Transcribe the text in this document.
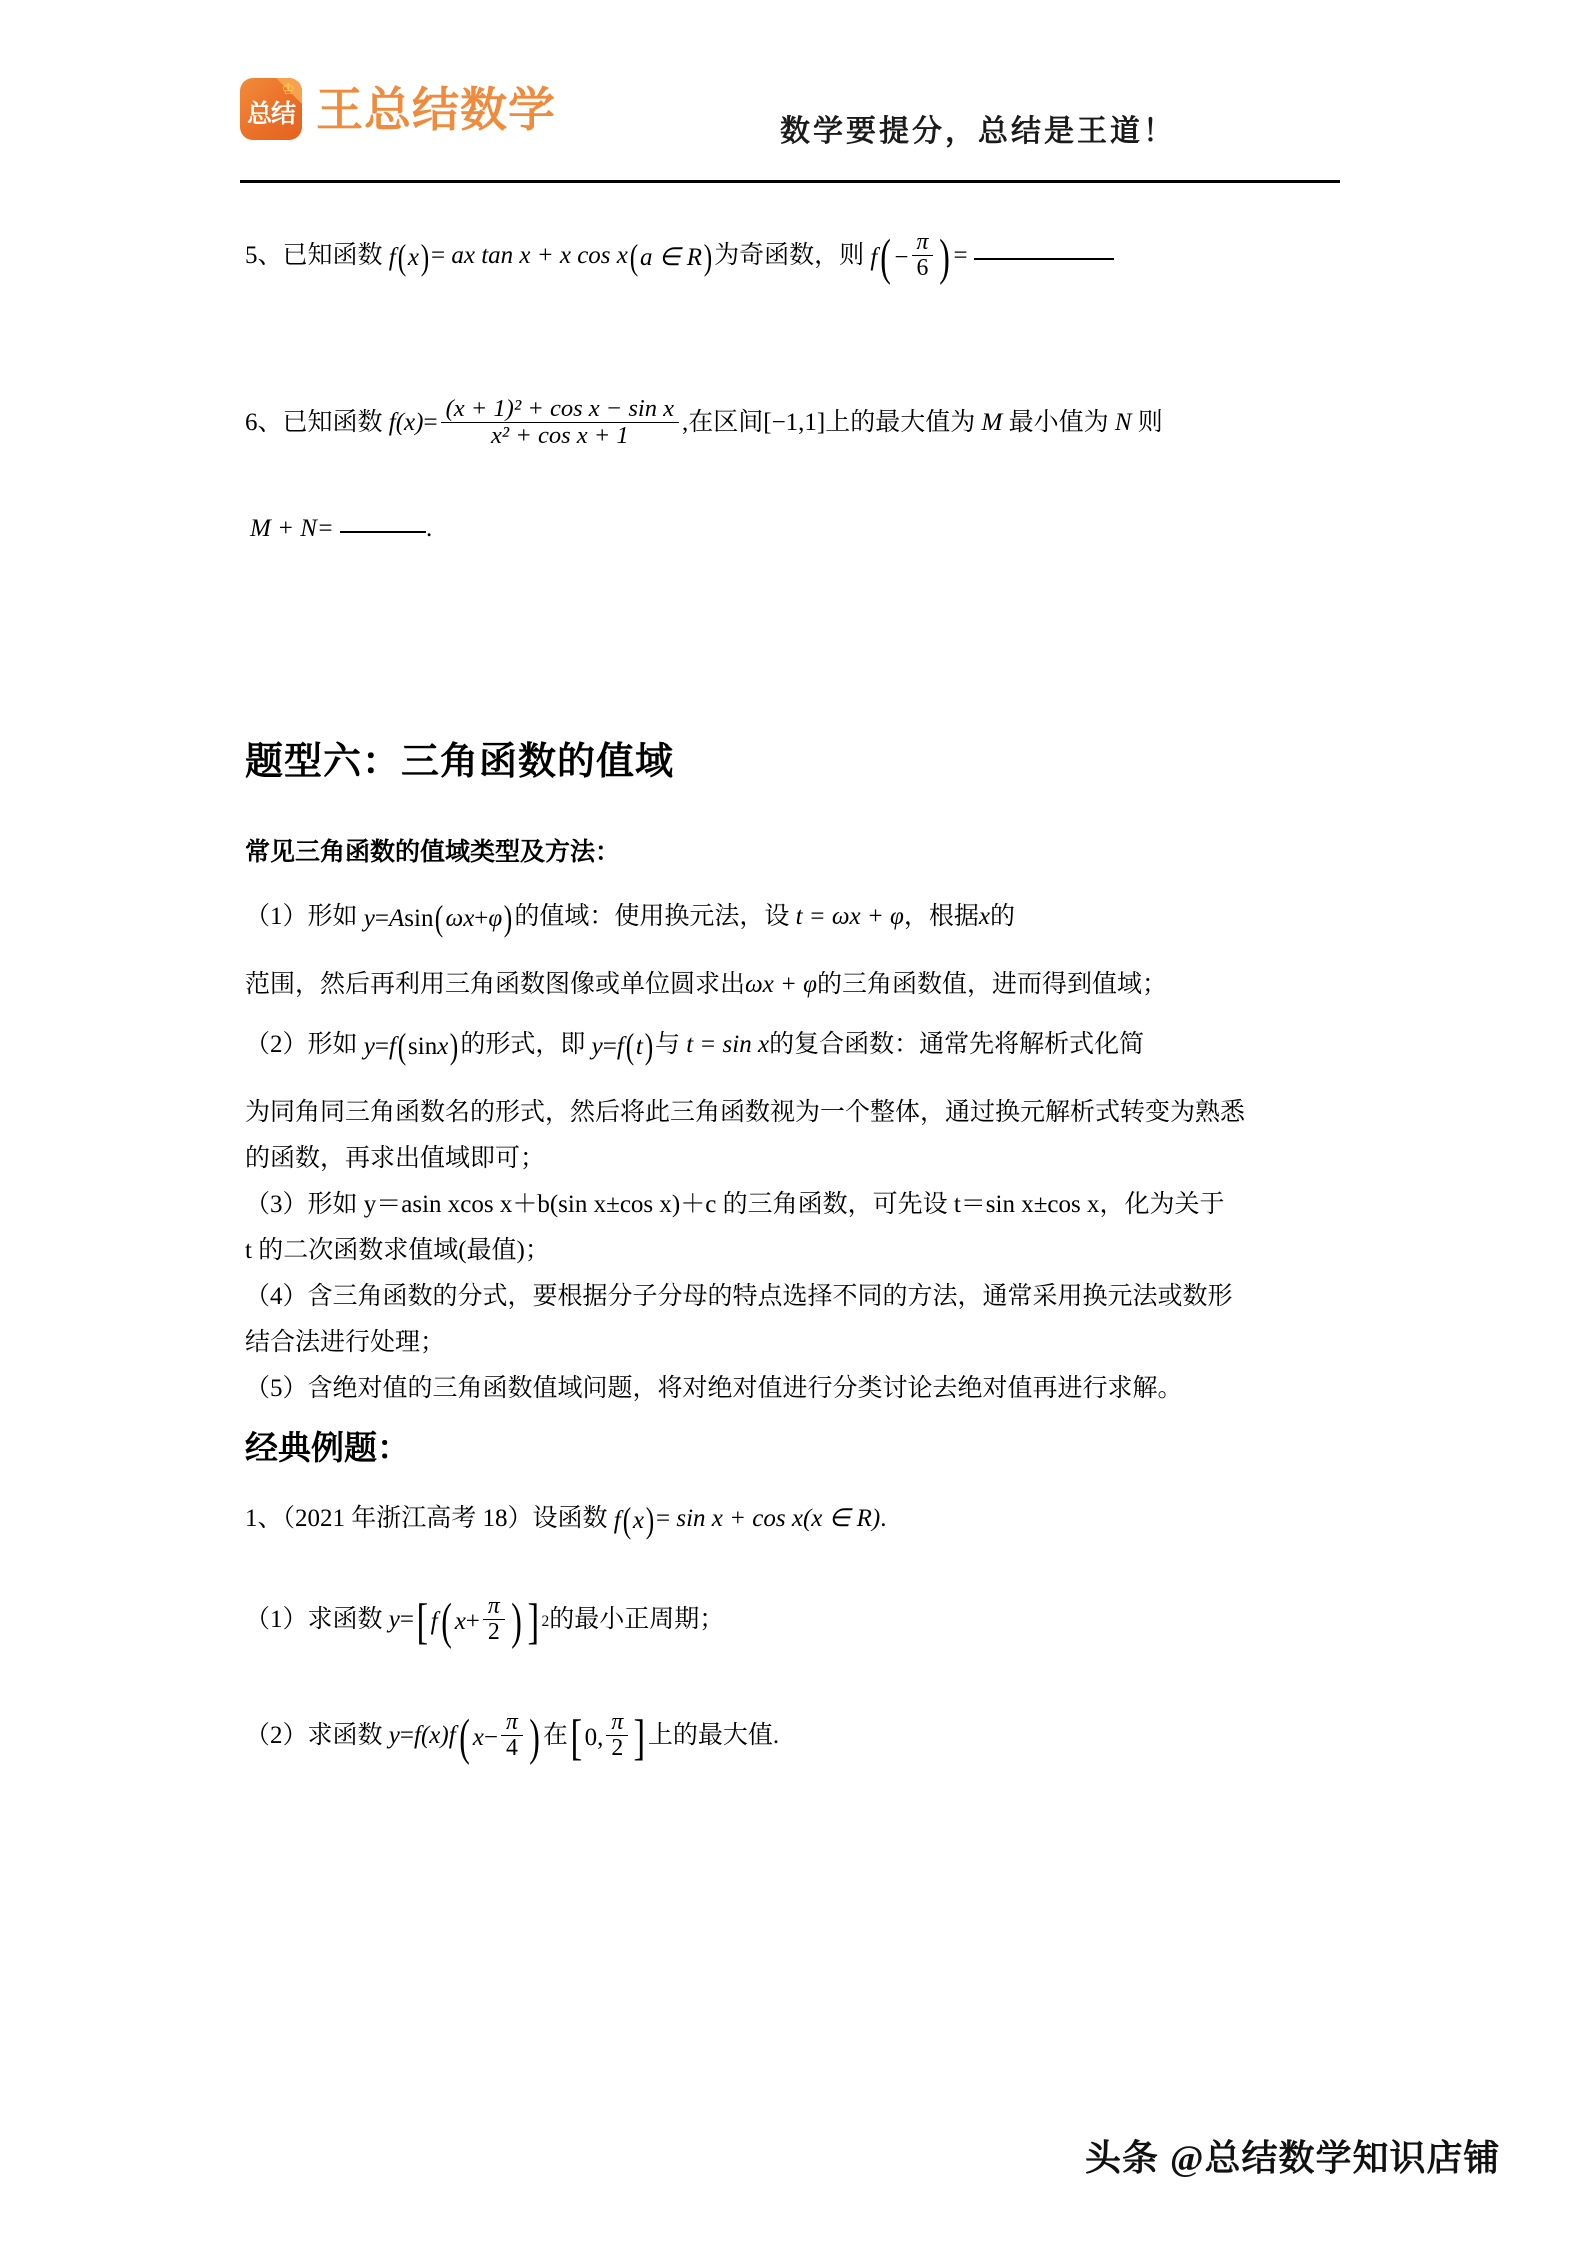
♔
总结 王总结数学	数学要提分，总结是王道！
5、已知函数 f ( x ) = ax tan x + x cos x ( a ∈ R ) 为奇函数，则 f ( − $\frac{\pi}{6}$ ) =
6、已知函数 $f(x)= \frac{\text{(x + 1)² + cos x − sin x}}{\text{x² + cos x + 1}}$ ,在区间[−1,1]上的最大值为 M 最小值为 N 则
M + N=	.
题型六：三角函数的值域
常见三角函数的值域类型及方法：
（1）形如 y = A sin ( ωx + φ ) 的值域：使用换元法，设 t = ωx + φ，根据x的
范围，然后再利用三角函数图像或单位圆求出ωx + φ的三角函数值，进而得到值域；
（2）形如 y = f ( sin x ) 的形式，即 y = f ( t ) 与 t = sin x的复合函数：通常先将解析式化简
为同角同三角函数名的形式，然后将此三角函数视为一个整体，通过换元解析式转变为熟悉
的函数，再求出值域即可；
（3）形如 y＝asin xcos x＋b(sin x±cos x)＋c 的三角函数，可先设 t＝sin x±cos x，化为关于
t 的二次函数求值域(最值)；
（4）含三角函数的分式，要根据分子分母的特点选择不同的方法，通常采用换元法或数形
结合法进行处理；
（5）含绝对值的三角函数值域问题，将对绝对值进行分类讨论去绝对值再进行求解。
经典例题：
1、（2021 年浙江高考 18）设函数 f ( x ) = sin x + cos x(x ∈ R).
（1）求函数 y= [ f ( $x + \frac{\pi}{2}$ ) ] 2 的最小正周期；
（2）求函数 y=f(x)f ( $x - \frac{\pi}{4}$ ) 在 [ 0, $\frac{\pi}{2}$ ] 上的最大值.
头条 @总结数学知识店铺
